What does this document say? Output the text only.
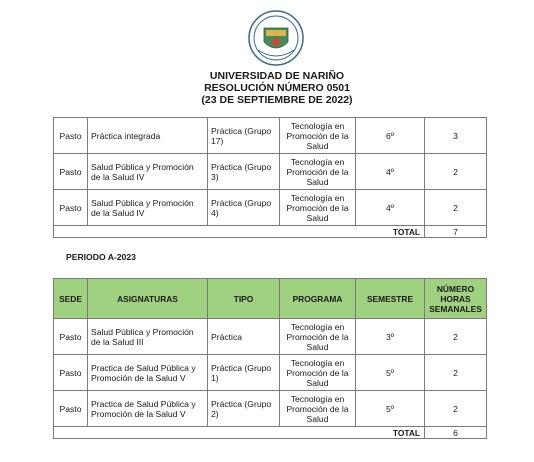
UNIVERSIDAD DE NARIÑO
RESOLUCIÓN NÚMERO 0501
(23 DE SEPTIEMBRE DE 2022)
Pasto	Práctica integrada	Práctica (Grupo 17)	Tecnología en Promoción de la Salud	6º	3
Pasto	Salud Pública y Promoción de la Salud IV	Práctica (Grupo 3)	Tecnología en Promoción de la Salud	4º	2
Pasto	Salud Pública y Promoción de la Salud IV	Práctica (Grupo 4)	Tecnología en Promoción de la Salud	4º	2
TOTAL					7
PERIODO A-2023
SEDE	ASIGNATURAS	TIPO	PROGRAMA	SEMESTRE	NÚMERO HORAS SEMANALES
Pasto	Salud Pública y Promoción de la Salud III	Práctica	Tecnología en Promoción de la Salud	3º	2
Pasto	Practica de Salud Pública y Promoción de la Salud V	Práctica (Grupo 1)	Tecnología en Promoción de la Salud	5º	2
Pasto	Practica de Salud Pública y Promoción de la Salud V	Práctica (Grupo 2)	Tecnología en Promoción de la Salud	5º	2
TOTAL					6
